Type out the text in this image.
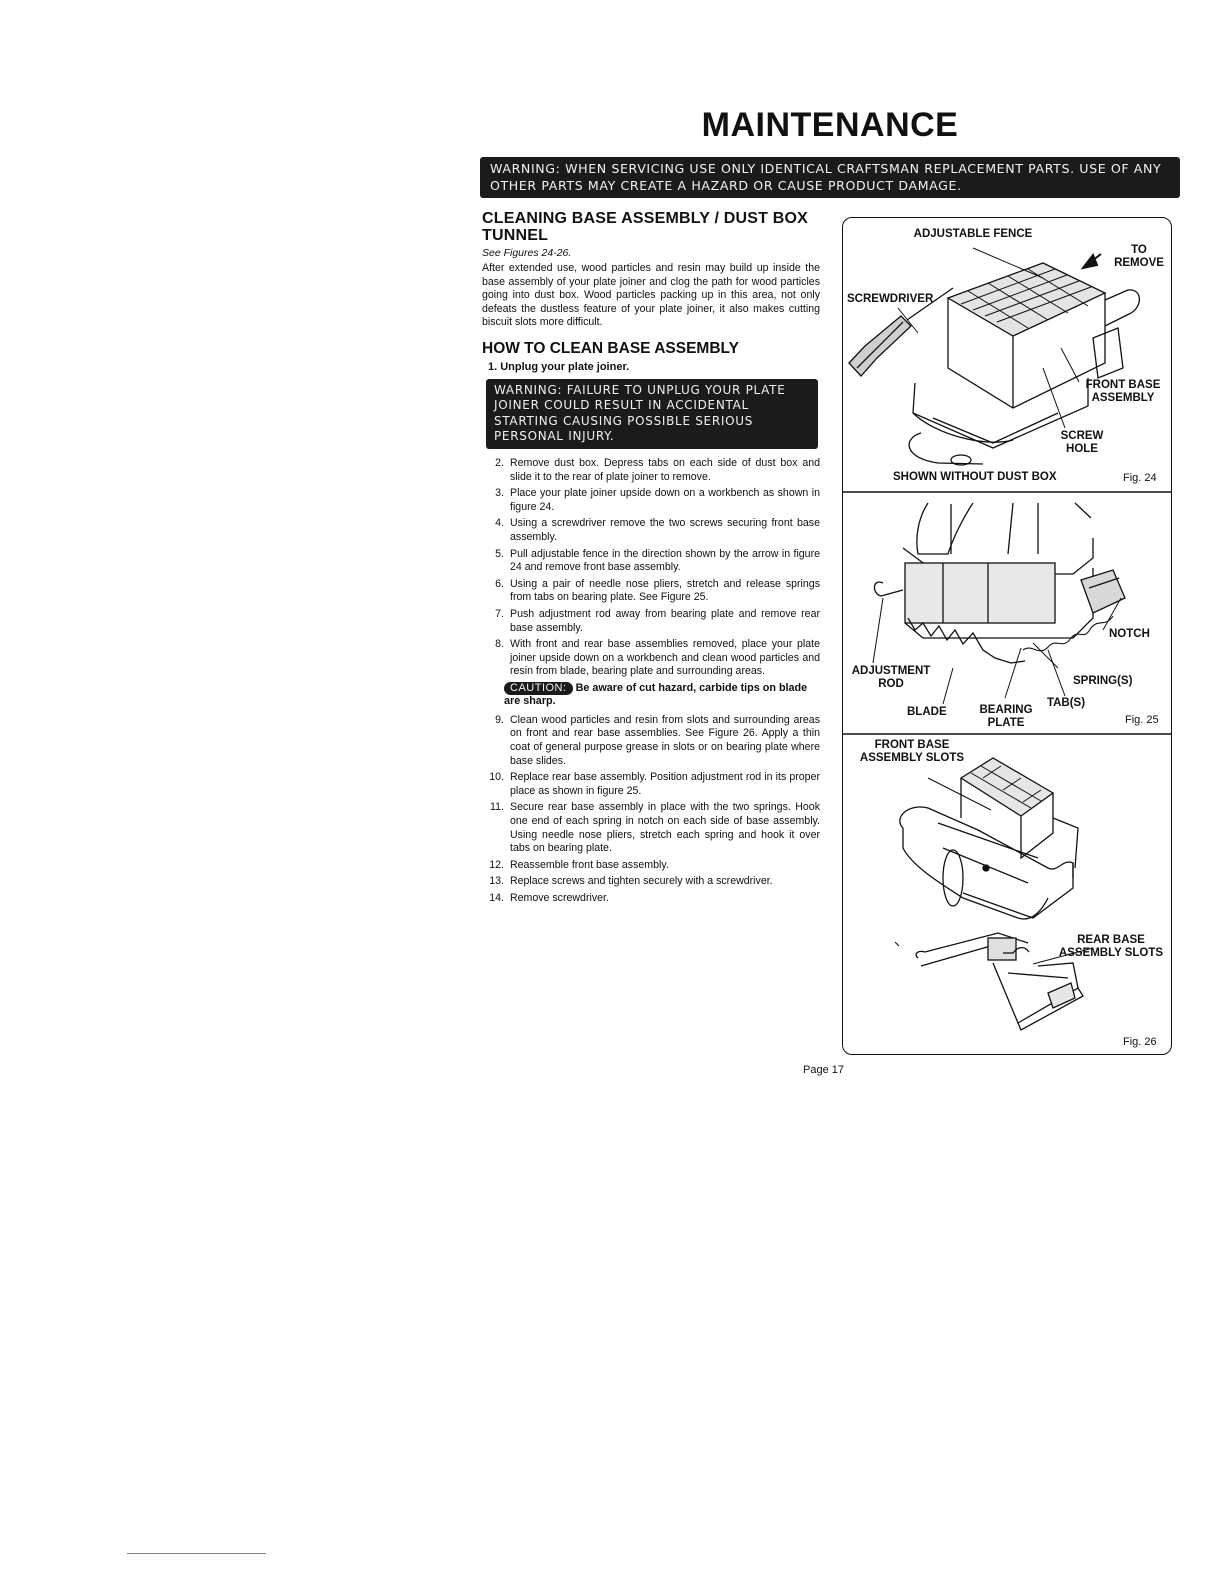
MAINTENANCE
WARNING: WHEN SERVICING USE ONLY IDENTICAL CRAFTSMAN REPLACEMENT PARTS. USE OF ANY OTHER PARTS MAY CREATE A HAZARD OR CAUSE PRODUCT DAMAGE.
CLEANING BASE ASSEMBLY / DUST BOX TUNNEL

See Figures 24-26.

After extended use, wood particles and resin may build up inside the base assembly of your plate joiner and clog the path for wood particles going into dust box. Wood particles packing up in this area, not only defeats the dustless feature of your plate joiner, it also makes cutting biscuit slots more difficult.

HOW TO CLEAN BASE ASSEMBLY

1. Unplug your plate joiner.

WARNING: FAILURE TO UNPLUG YOUR PLATE JOINER COULD RESULT IN ACCIDENTAL STARTING CAUSING POSSIBLE SERIOUS PERSONAL INJURY.
2. Remove dust box. Depress tabs on each side of dust box and slide it to the rear of plate joiner to remove.
3. Place your plate joiner upside down on a workbench as shown in figure 24.
4. Using a screwdriver remove the two screws securing front base assembly.
5. Pull adjustable fence in the direction shown by the arrow in figure 24 and remove front base assembly.
6. Using a pair of needle nose pliers, stretch and release springs from tabs on bearing plate. See Figure 25.
7. Push adjustment rod away from bearing plate and remove rear base assembly.
8. With front and rear base assemblies removed, place your plate joiner upside down on a workbench and clean wood particles and resin from blade, bearing plate and surrounding areas.
CAUTION: Be aware of cut hazard, carbide tips on blade are sharp.
9. Clean wood particles and resin from slots and surrounding areas on front and rear base assemblies. See Figure 26. Apply a thin coat of general purpose grease in slots or on bearing plate where base slides.
10. Replace rear base assembly. Position adjustment rod in its proper place as shown in figure 25.
11. Secure rear base assembly in place with the two springs. Hook one end of each spring in notch on each side of base assembly. Using needle nose pliers, stretch each spring and hook it over tabs on bearing plate.
12. Reassemble front base assembly.
13. Replace screws and tighten securely with a screwdriver.
14. Remove screwdriver.
ADJUSTABLE FENCE
TO REMOVE
SCREWDRIVER
FRONT BASE ASSEMBLY
SCREW HOLE
SHOWN WITHOUT DUST BOX	Fig. 24
NOTCH
ADJUSTMENT ROD	SPRING(S)
TAB(S)
BLADE	BEARING PLATE	Fig. 25
FRONT BASE ASSEMBLY SLOTS
REAR BASE ASSEMBLY SLOTS
Fig. 26
Page 17
